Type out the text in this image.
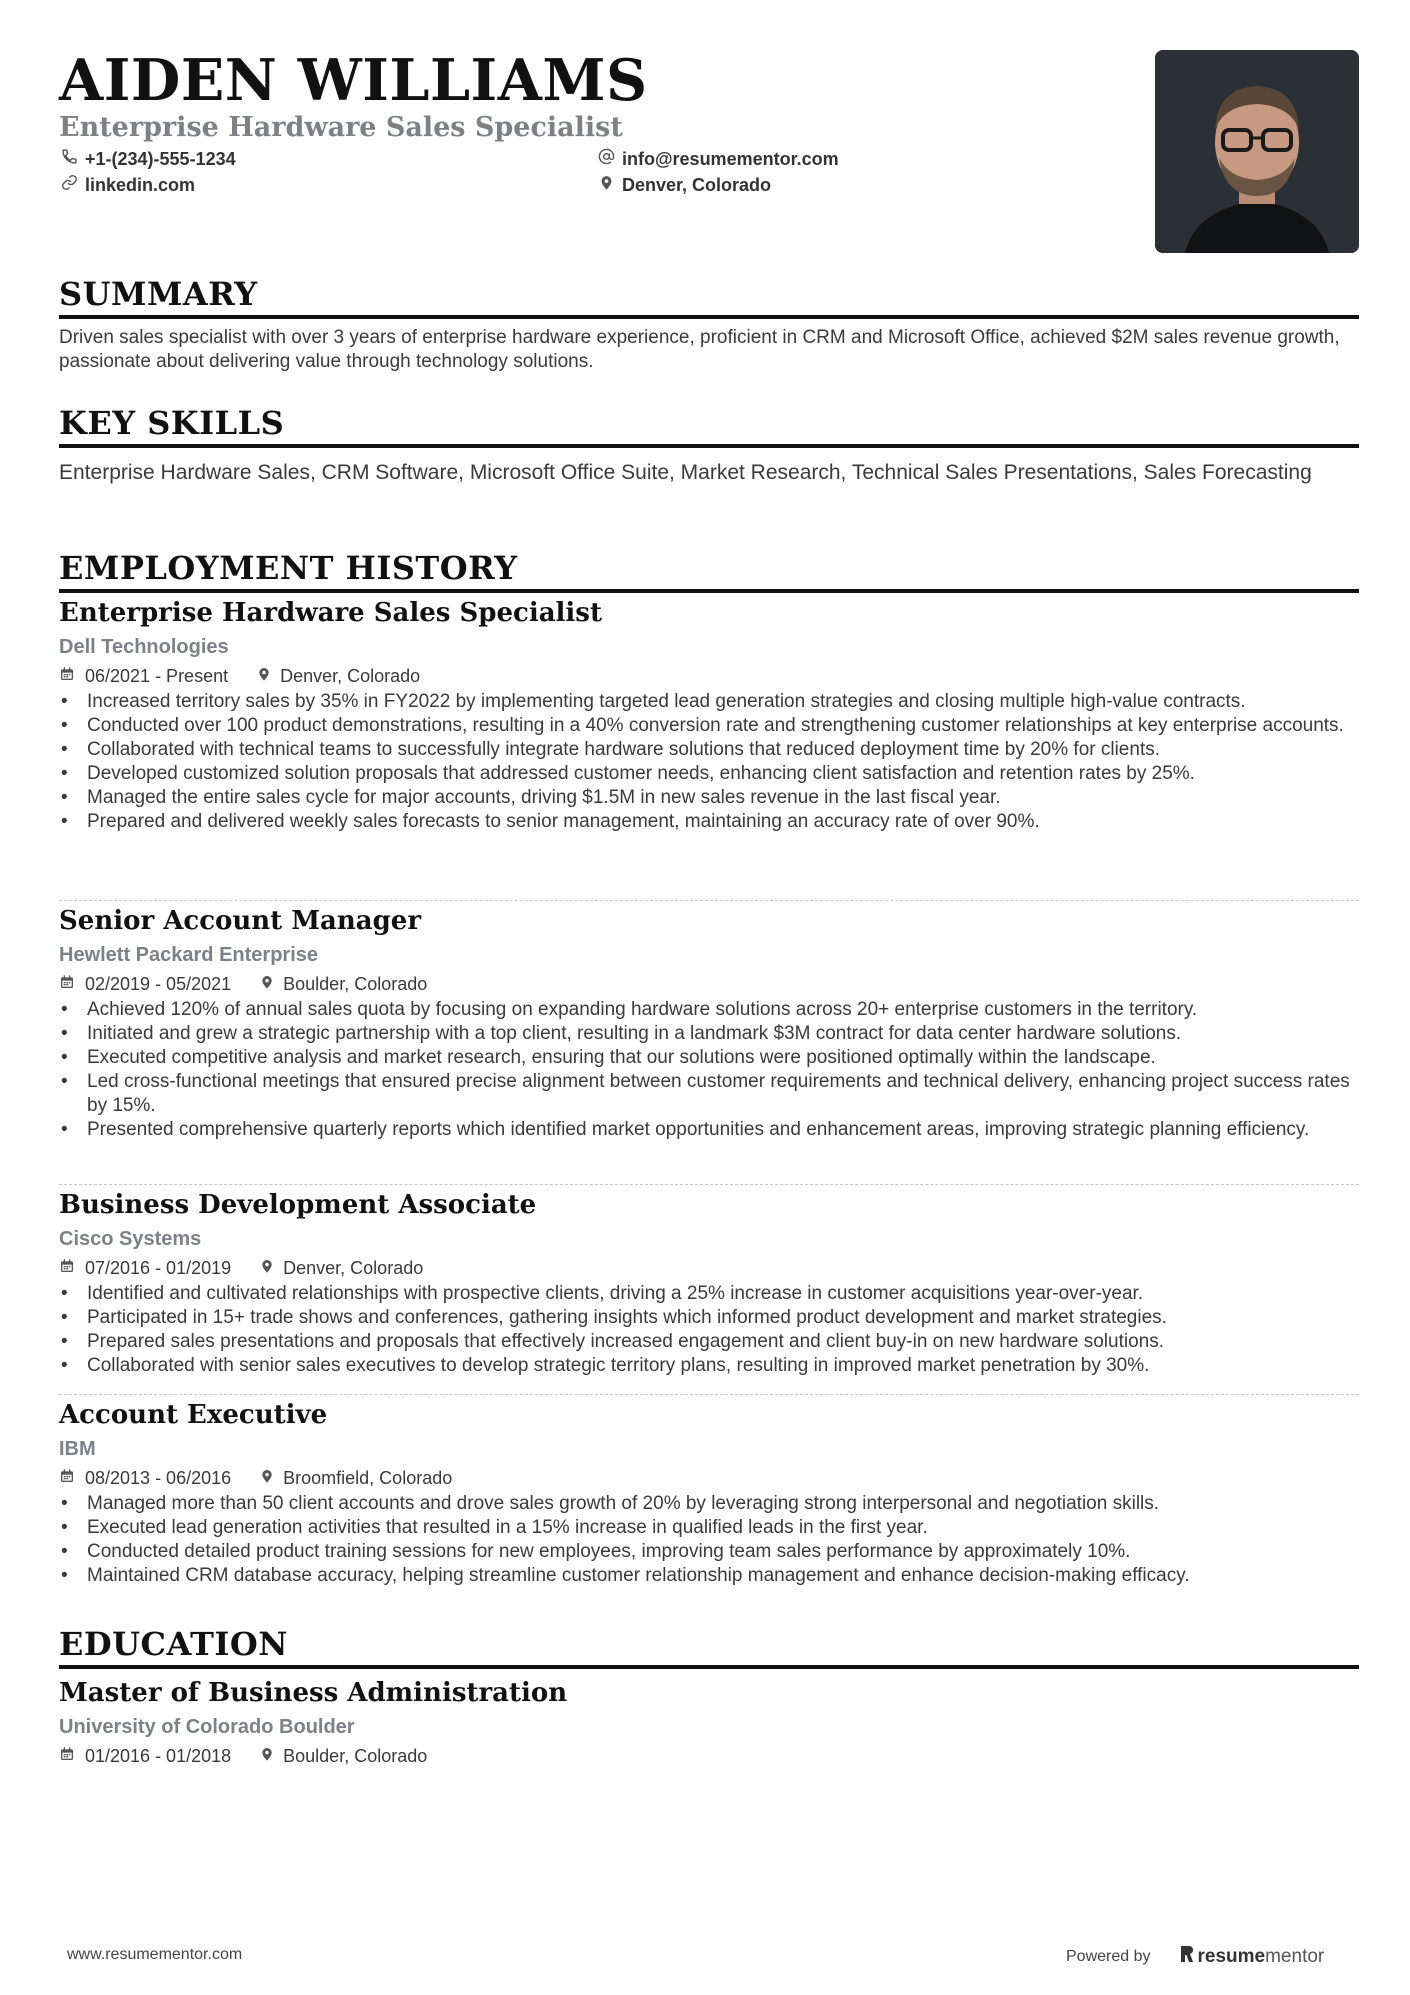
AIDEN WILLIAMS
Enterprise Hardware Sales Specialist
+1-(234)-555-1234	info@resumementor.com
linkedin.com	Denver, Colorado
SUMMARY

Driven sales specialist with over 3 years of enterprise hardware experience, proficient in CRM and Microsoft Office, achieved $2M sales revenue growth, passionate about delivering value through technology solutions.

KEY SKILLS

Enterprise Hardware Sales, CRM Software, Microsoft Office Suite, Market Research, Technical Sales Presentations, Sales Forecasting

EMPLOYMENT HISTORY
Enterprise Hardware Sales Specialist
Dell Technologies
06/2021 - Present	Denver, Colorado
• Increased territory sales by 35% in FY2022 by implementing targeted lead generation strategies and closing multiple high-value contracts.
• Conducted over 100 product demonstrations, resulting in a 40% conversion rate and strengthening customer relationships at key enterprise accounts.
• Collaborated with technical teams to successfully integrate hardware solutions that reduced deployment time by 20% for clients.
• Developed customized solution proposals that addressed customer needs, enhancing client satisfaction and retention rates by 25%.
• Managed the entire sales cycle for major accounts, driving $1.5M in new sales revenue in the last fiscal year.
• Prepared and delivered weekly sales forecasts to senior management, maintaining an accuracy rate of over 90%.
Senior Account Manager
Hewlett Packard Enterprise
02/2019 - 05/2021	Boulder, Colorado
• Achieved 120% of annual sales quota by focusing on expanding hardware solutions across 20+ enterprise customers in the territory.
• Initiated and grew a strategic partnership with a top client, resulting in a landmark $3M contract for data center hardware solutions.
• Executed competitive analysis and market research, ensuring that our solutions were positioned optimally within the landscape.
• Led cross-functional meetings that ensured precise alignment between customer requirements and technical delivery, enhancing project success rates by 15%.
• Presented comprehensive quarterly reports which identified market opportunities and enhancement areas, improving strategic planning efficiency.
Business Development Associate
Cisco Systems
07/2016 - 01/2019	Denver, Colorado
• Identified and cultivated relationships with prospective clients, driving a 25% increase in customer acquisitions year-over-year.
• Participated in 15+ trade shows and conferences, gathering insights which informed product development and market strategies.
• Prepared sales presentations and proposals that effectively increased engagement and client buy-in on new hardware solutions.
• Collaborated with senior sales executives to develop strategic territory plans, resulting in improved market penetration by 30%.
Account Executive
IBM
08/2013 - 06/2016	Broomfield, Colorado
• Managed more than 50 client accounts and drove sales growth of 20% by leveraging strong interpersonal and negotiation skills.
• Executed lead generation activities that resulted in a 15% increase in qualified leads in the first year.
• Conducted detailed product training sessions for new employees, improving team sales performance by approximately 10%.
• Maintained CRM database accuracy, helping streamline customer relationship management and enhance decision-making efficacy.
EDUCATION
Master of Business Administration
University of Colorado Boulder
01/2016 - 01/2018	Boulder, Colorado
www.resumementor.com	Powered by resume mentor
